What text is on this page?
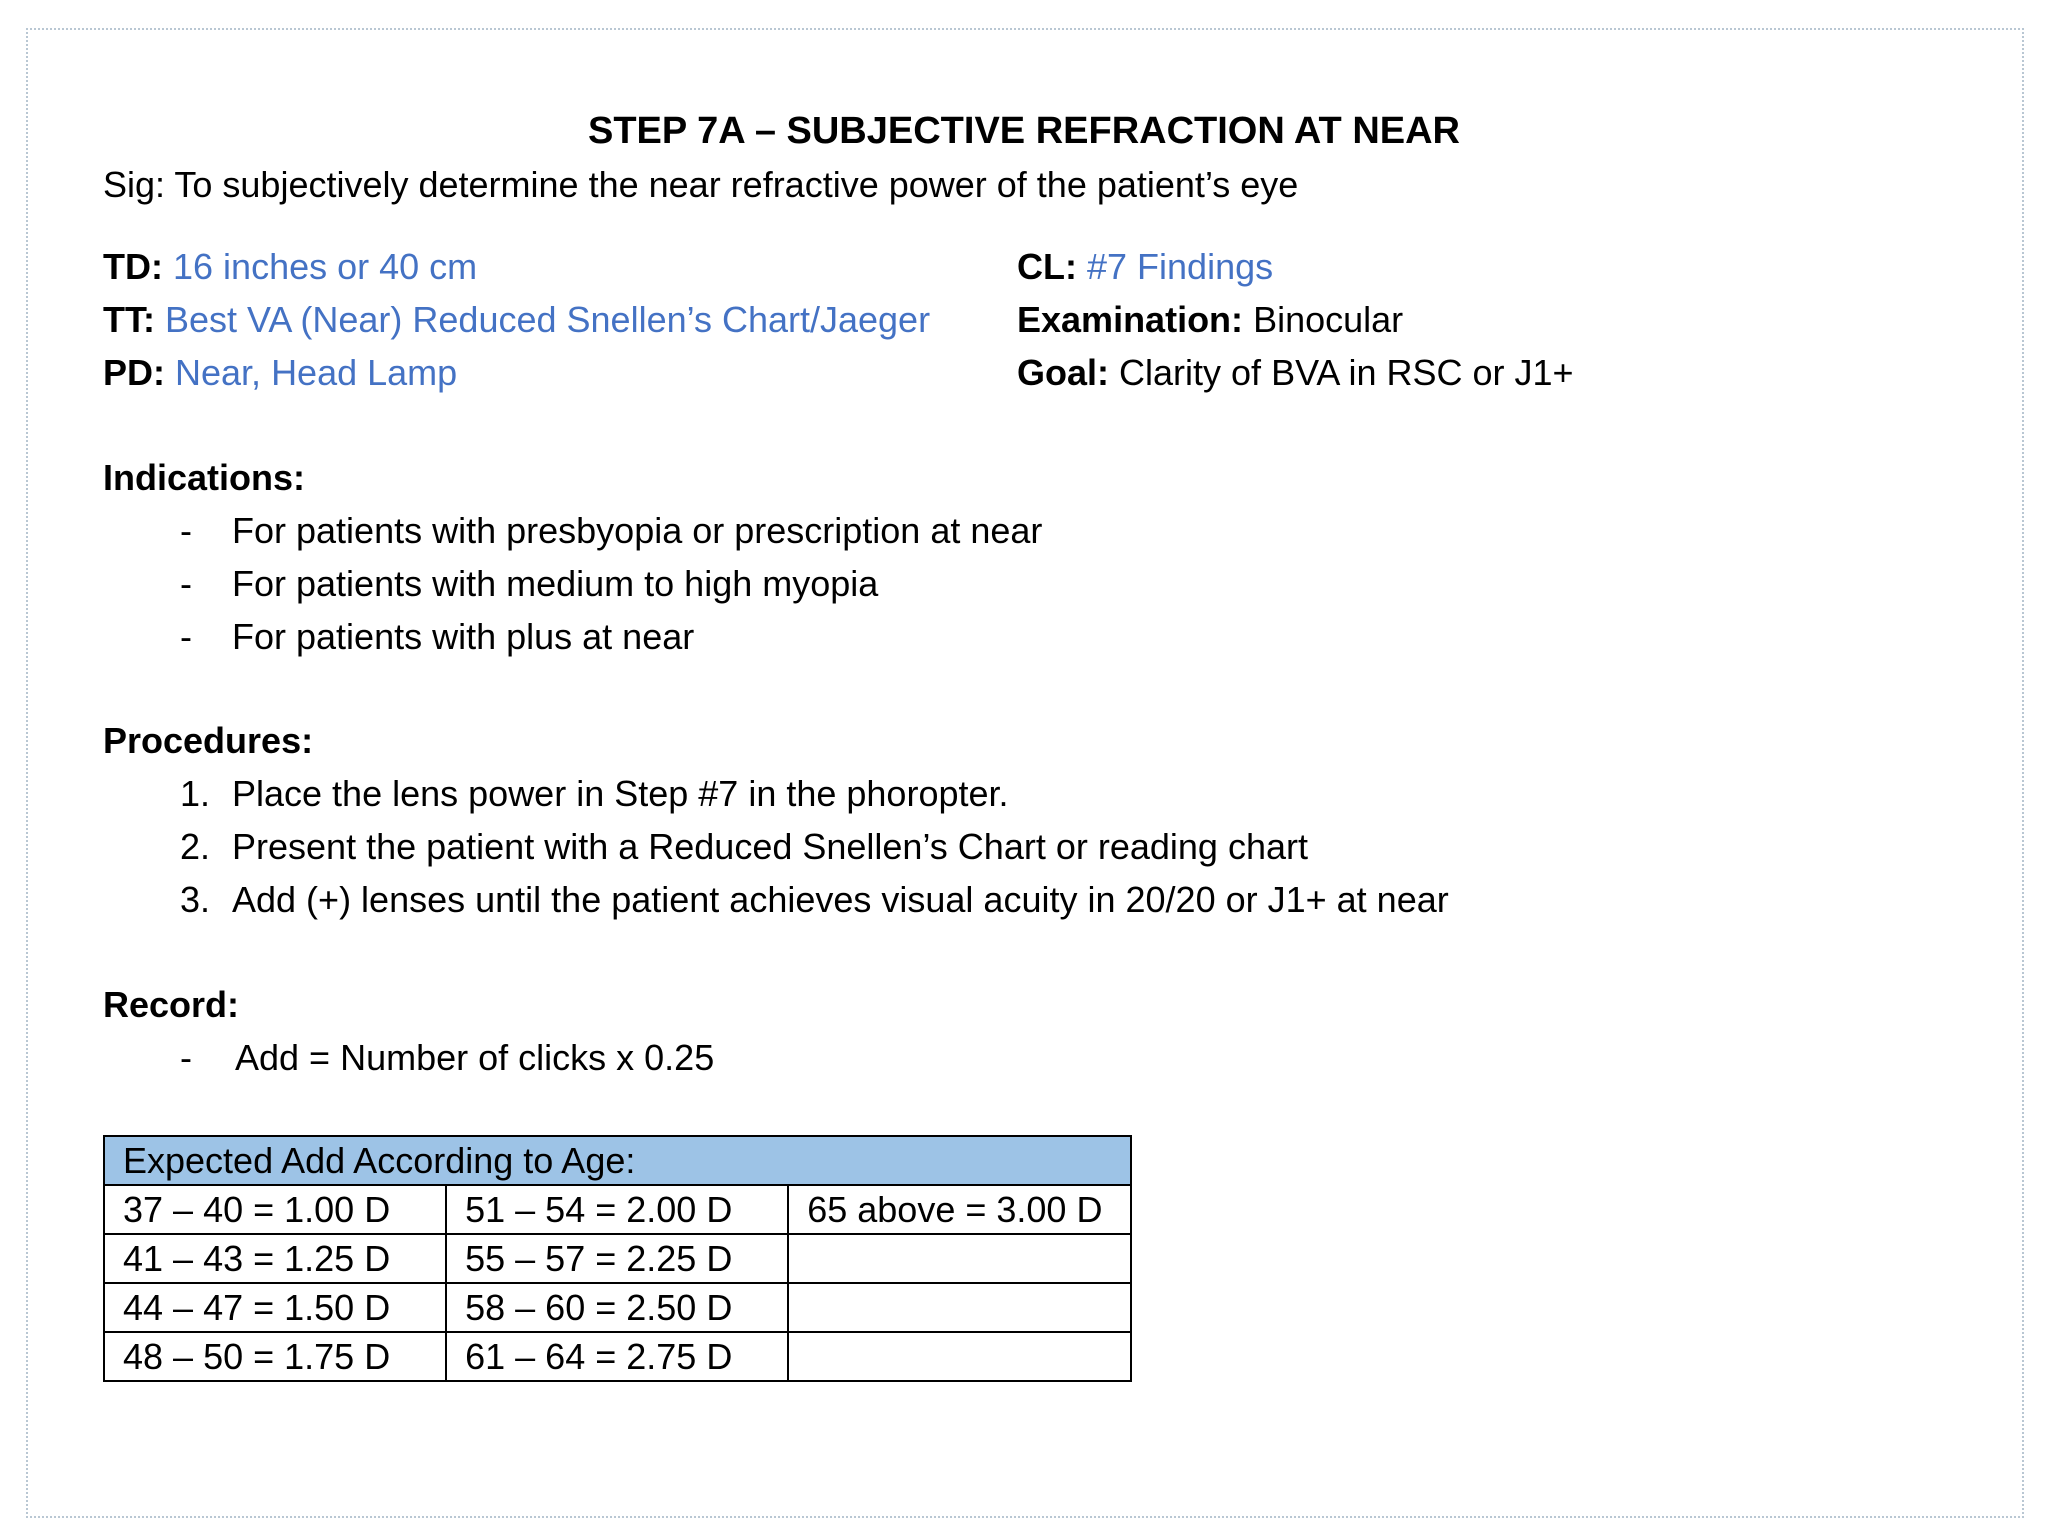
STEP 7A – SUBJECTIVE REFRACTION AT NEAR
Sig: To subjectively determine the near refractive power of the patient’s eye
TD: 16 inches or 40 cm
TT: Best VA (Near) Reduced Snellen’s Chart/Jaeger
PD: Near, Head Lamp
CL: #7 Findings
Examination: Binocular
Goal: Clarity of BVA in RSC or J1+
Indications:
- For patients with presbyopia or prescription at near
- For patients with medium to high myopia
- For patients with plus at near
Procedures:
1. Place the lens power in Step #7 in the phoropter.
2. Present the patient with a Reduced Snellen’s Chart or reading chart
3. Add (+) lenses until the patient achieves visual acuity in 20/20 or J1+ at near
Record:
- Add = Number of clicks x 0.25
Expected Add According to Age:		
37 – 40 = 1.00 D	51 – 54 = 2.00 D	65 above = 3.00 D
41 – 43 = 1.25 D	55 – 57 = 2.25 D	
44 – 47 = 1.50 D	58 – 60 = 2.50 D	
48 – 50 = 1.75 D	61 – 64 = 2.75 D	
